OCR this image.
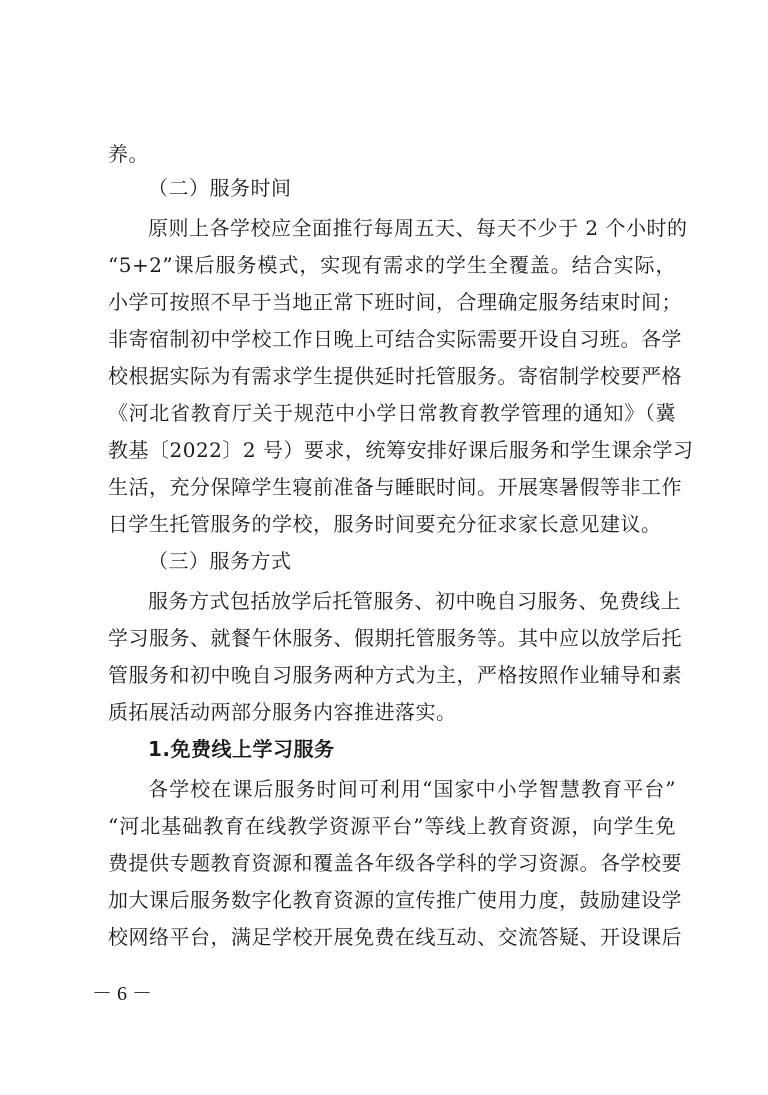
养。
（二）服务时间
原则上各学校应全面推行每周五天、每天不少于 2 个小时的
“5+2”课后服务模式，实现有需求的学生全覆盖。结合实际，
小学可按照不早于当地正常下班时间，合理确定服务结束时间；
非寄宿制初中学校工作日晚上可结合实际需要开设自习班。各学
校根据实际为有需求学生提供延时托管服务。寄宿制学校要严格
《河北省教育厅关于规范中小学日常教育教学管理的通知》（冀
教基〔2022〕2 号）要求，统筹安排好课后服务和学生课余学习
生活，充分保障学生寝前准备与睡眠时间。开展寒暑假等非工作
日学生托管服务的学校，服务时间要充分征求家长意见建议。
（三）服务方式
服务方式包括放学后托管服务、初中晚自习服务、免费线上
学习服务、就餐午休服务、假期托管服务等。其中应以放学后托
管服务和初中晚自习服务两种方式为主，严格按照作业辅导和素
质拓展活动两部分服务内容推进落实。
1.免费线上学习服务
各学校在课后服务时间可利用“国家中小学智慧教育平台”
“河北基础教育在线教学资源平台”等线上教育资源，向学生免
费提供专题教育资源和覆盖各年级各学科的学习资源。各学校要
加大课后服务数字化教育资源的宣传推广使用力度，鼓励建设学
校网络平台，满足学校开展免费在线互动、交流答疑、开设课后
－ 6 －
